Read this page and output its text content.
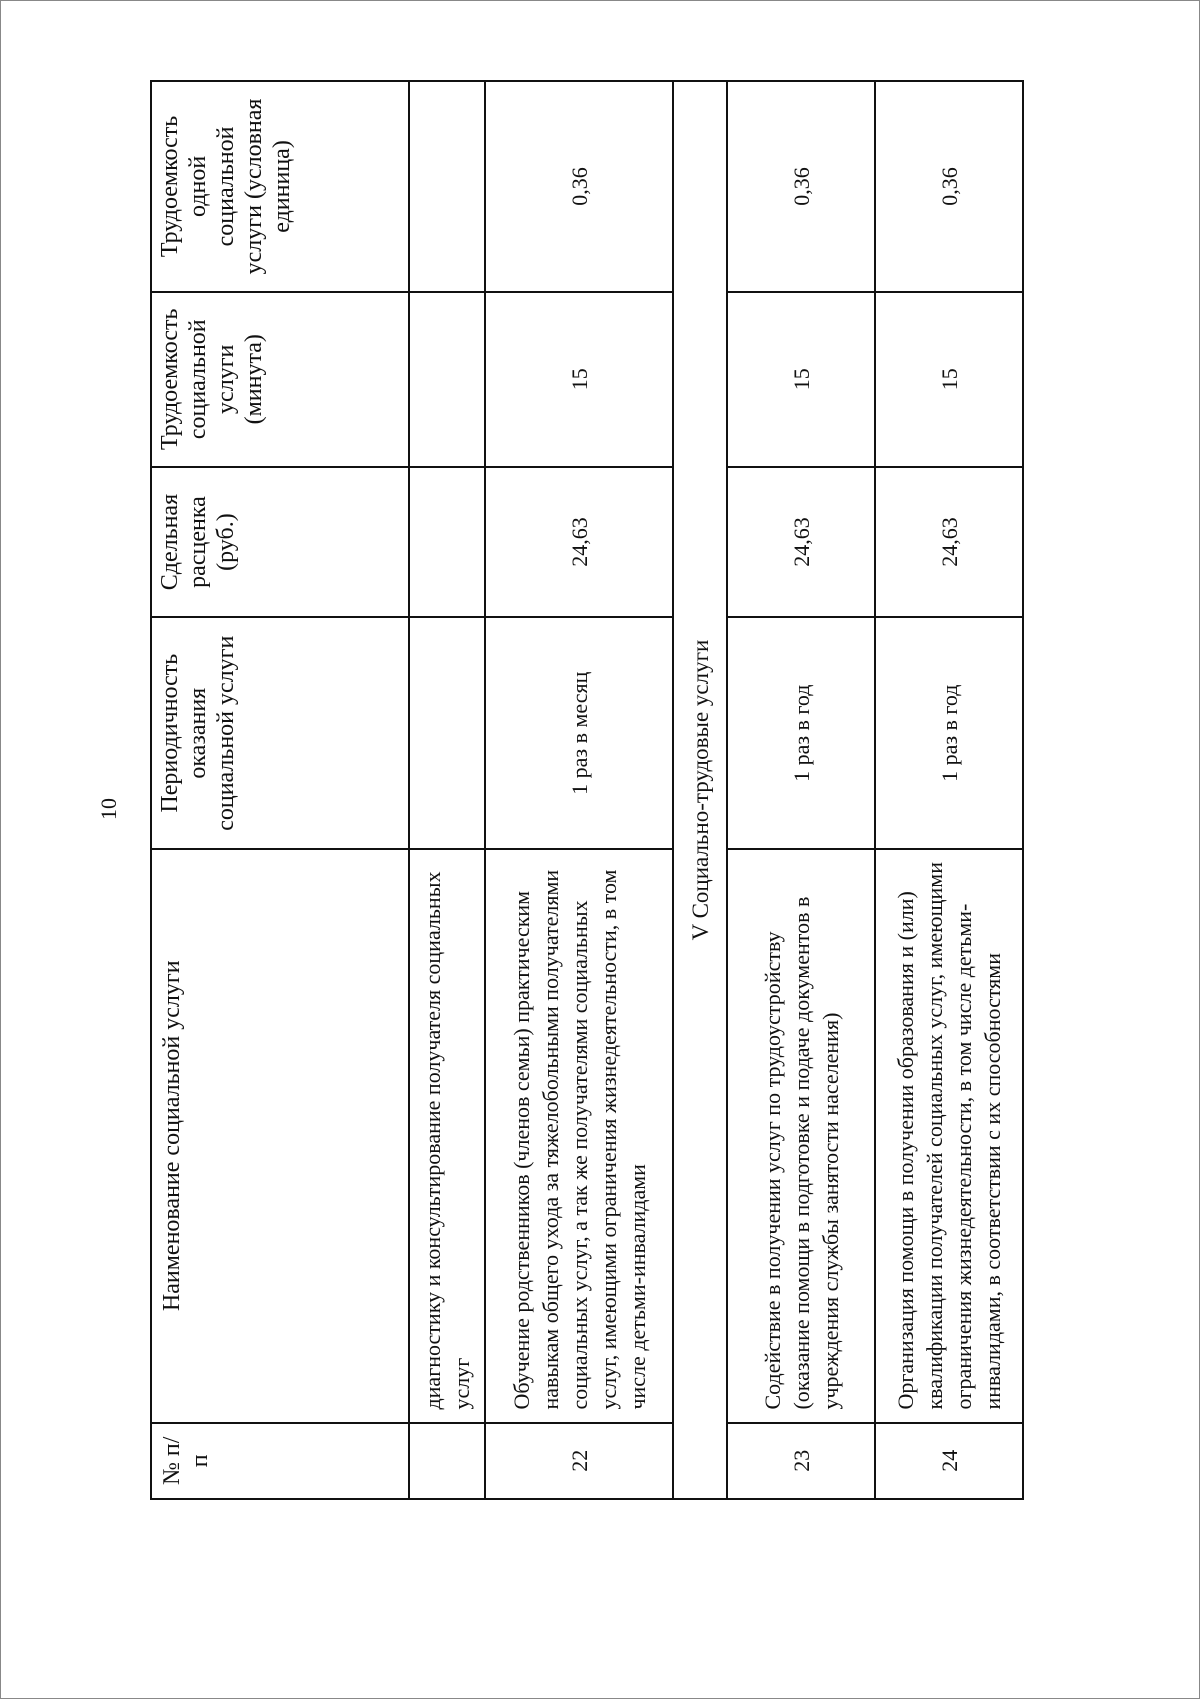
10
№ п/п	Наименование социальной услуги	Периодичность оказания социальной услуги	Сдельная расценка (руб.)	Трудоемкость социальной услуги (минута)	Трудоемкость одной социальной услуги (условная единица)
	диагностику и консультирование получателя социальных услуг				
22	Обучение родственников (членов семьи) практическим навыкам общего ухода за тяжелобольными получателями социальных услуг, а так же получателями социальных услуг, имеющими ограничения жизнедеятельности, в том числе детьми-инвалидами	1 раз в месяц	24,63	15	0,36
V Социально-трудовые услуги					
23	Содействие в получении услуг по трудоустройству (оказание помощи в подготовке и подаче документов в учреждения службы занятости населения)	1 раз в год	24,63	15	0,36
24	Организация помощи в получении образования и (или) квалификации получателей социальных услуг, имеющими ограничения жизнедеятельности, в том числе детьми-инвалидами, в соответствии с их способностями	1 раз в год	24,63	15	0,36
